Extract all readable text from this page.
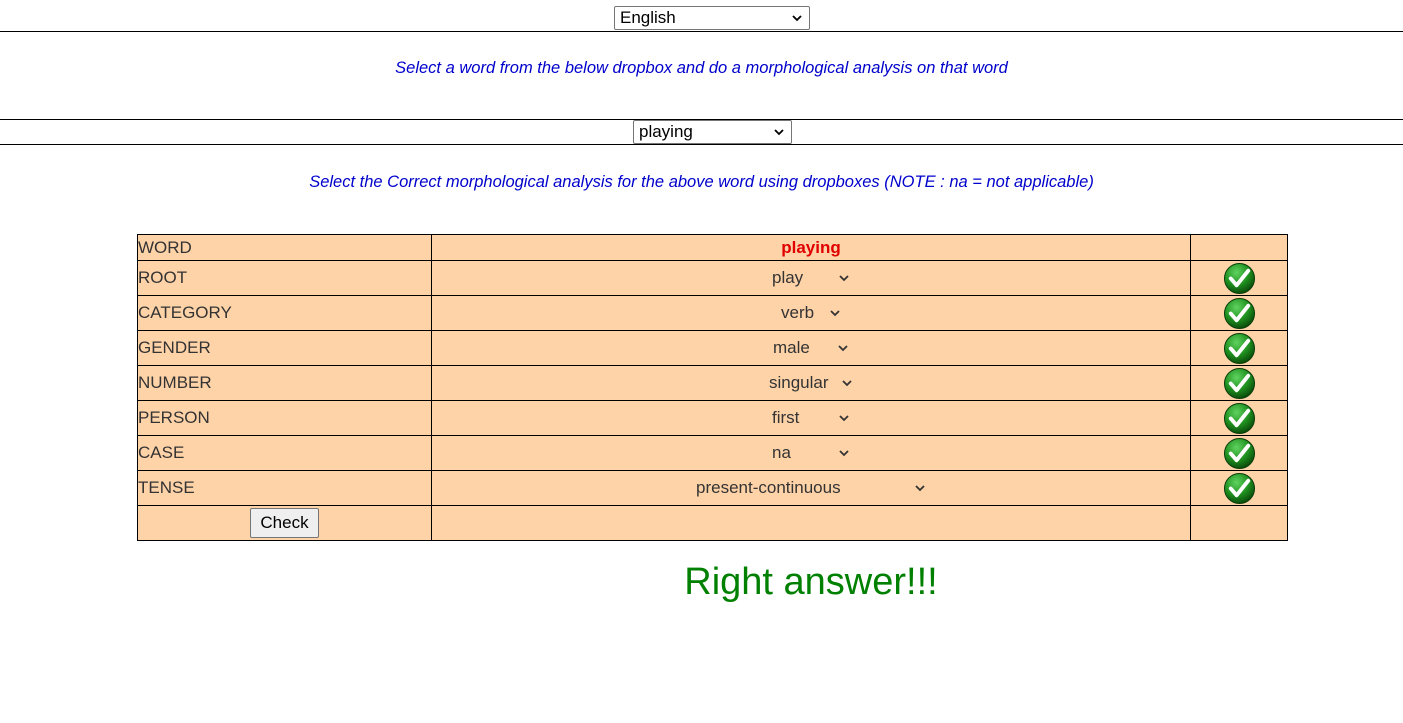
English
Select a word from the below dropbox and do a morphological analysis on that word
playing
Select the Correct morphological analysis for the above word using dropboxes (NOTE : na = not applicable)
WORD	playing	
ROOT	play

CATEGORY	verb

GENDER	male

NUMBER	singular

PERSON	first

CASE	na

TENSE	present-continuous

Check	Right answer!!!	
